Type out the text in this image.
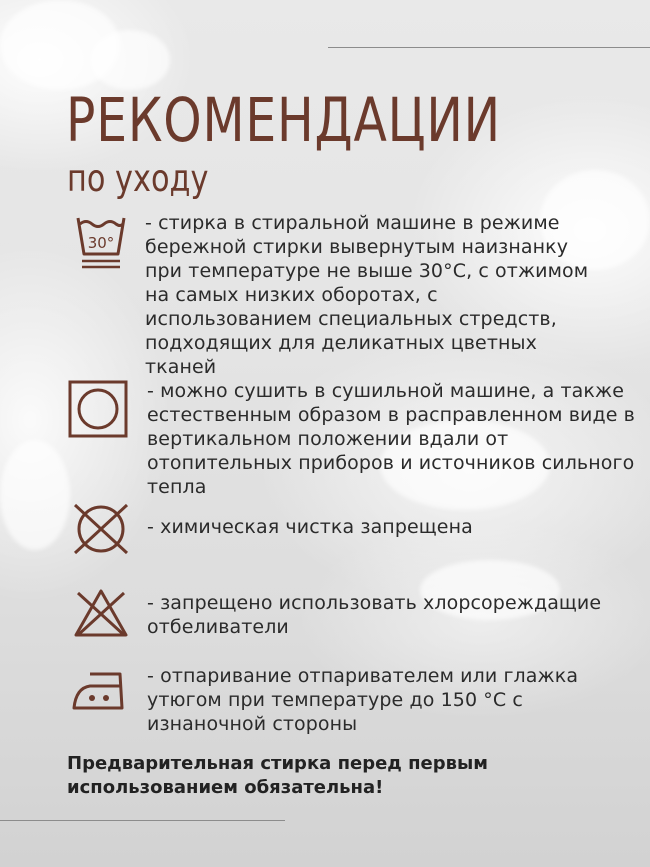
РЕКОМЕНДАЦИИ
по уходу
30°

- стирка в стиральной машине в режиме бережной стирки вывернутым наизнанку при температуре не выше 30°С, с отжимом на самых низких оборотах, с использованием специальных стредств, подходящих для деликатных цветных тканей

- можно сушить в сушильной машине, а также естественным образом в расправленном виде в вертикальном положении вдали от отопительных приборов и источников сильного тепла

- химическая чистка запрещена

- запрещено использовать хлорсореждащие отбеливатели

- отпаривание отпаривателем или глажка утюгом при температуре до 150 °С с изнаночной стороны

Предварительная стирка перед первым использованием обязательна!
